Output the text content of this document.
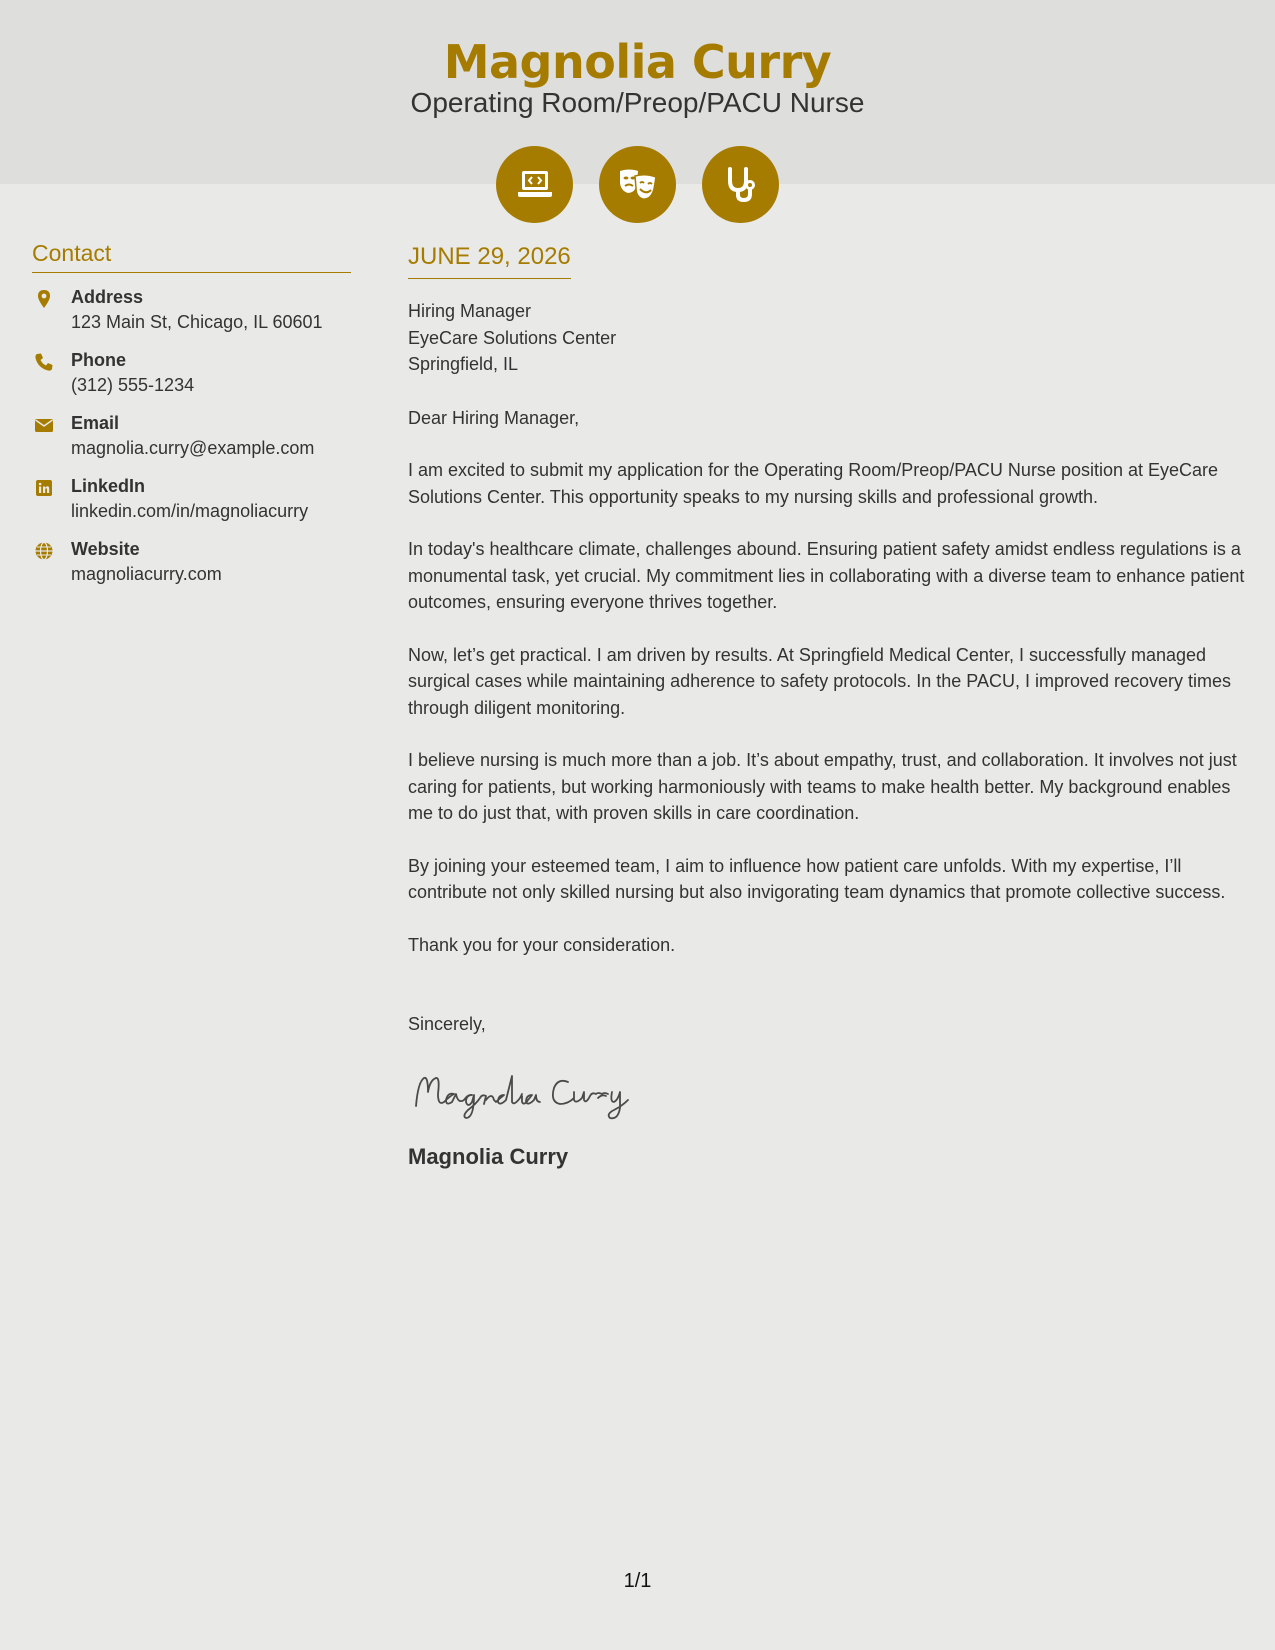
Magnolia Curry
Operating Room/Preop/PACU Nurse
Contact
Address
123 Main St, Chicago, IL 60601
Phone
(312) 555-1234
Email
magnolia.curry@example.com
LinkedIn
linkedin.com/in/magnoliacurry
Website
magnoliacurry.com
JUNE 29, 2026
Hiring Manager
EyeCare Solutions Center
Springfield, IL
Dear Hiring Manager,
I am excited to submit my application for the Operating Room/Preop/PACU Nurse position at EyeCare Solutions Center. This opportunity speaks to my nursing skills and professional growth.
In today's healthcare climate, challenges abound. Ensuring patient safety amidst endless regulations is a monumental task, yet crucial. My commitment lies in collaborating with a diverse team to enhance patient outcomes, ensuring everyone thrives together.
Now, let’s get practical. I am driven by results. At Springfield Medical Center, I successfully managed surgical cases while maintaining adherence to safety protocols. In the PACU, I improved recovery times through diligent monitoring.
I believe nursing is much more than a job. It’s about empathy, trust, and collaboration. It involves not just caring for patients, but working harmoniously with teams to make health better. My background enables me to do just that, with proven skills in care coordination.
By joining your esteemed team, I aim to influence how patient care unfolds. With my expertise, I’ll contribute not only skilled nursing but also invigorating team dynamics that promote collective success.
Thank you for your consideration.
Sincerely,
Magnolia Curry
1/1
